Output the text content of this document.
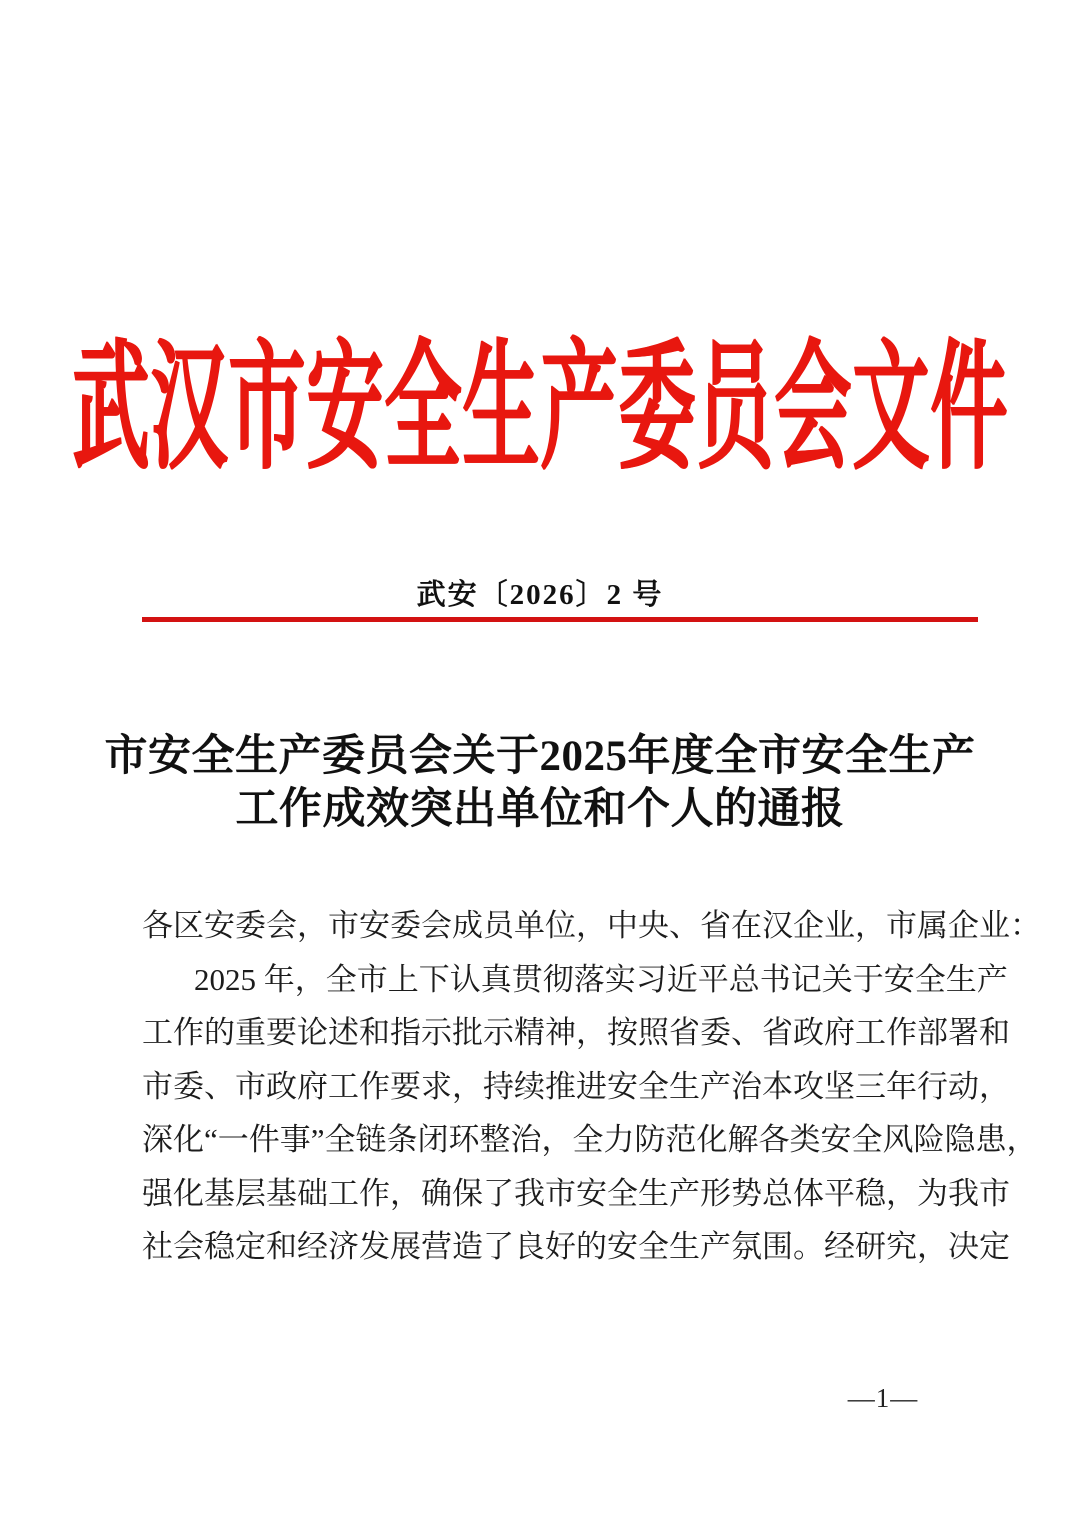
武汉市安全生产委员会文件
武安〔2026〕2 号
市安全生产委员会关于2025年度全市安全生产
工作成效突出单位和个人的通报
各区安委会，市安委会成员单位，中央、省在汉企业，市属企业：
2025 年，全市上下认真贯彻落实习近平总书记关于安全生产
工作的重要论述和指示批示精神，按照省委、省政府工作部署和
市委、市政府工作要求，持续推进安全生产治本攻坚三年行动，
深化“一件事”全链条闭环整治，全力防范化解各类安全风险隐患，
强化基层基础工作，确保了我市安全生产形势总体平稳，为我市
社会稳定和经济发展营造了良好的安全生产氛围。经研究，决定
—1—
